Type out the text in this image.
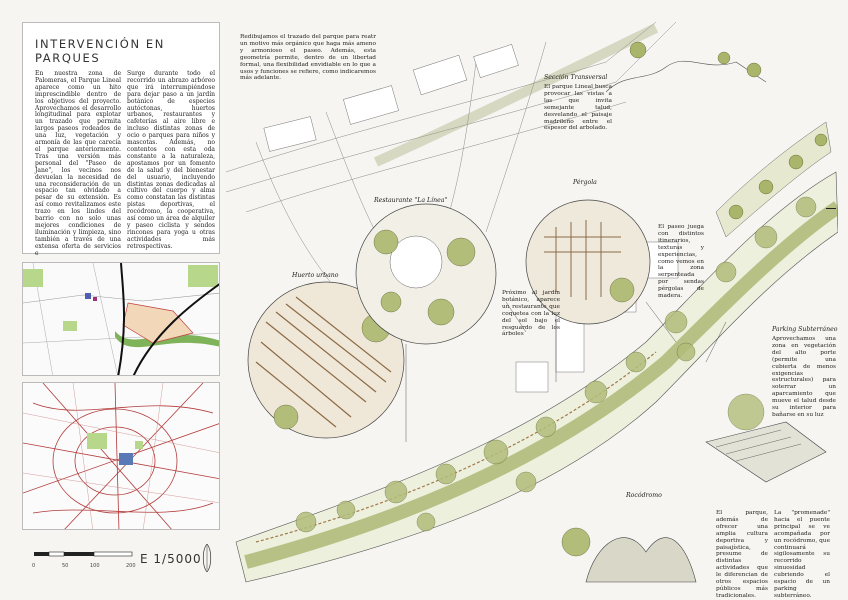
INTERVENCIÓN EN PARQUES
En nuestra zona de Palomeras, el Parque Lineal aparece como un hito imprescindible dentro de los objetivos del proyecto. Aprovechamos el desarrollo longitudinal para explotar un trazado que permita largos paseos rodeados de una luz, vegetación y armonía de las que carecía el parque anteriormente. Tras una versión más personal del "Paseo de Jane", los vecinos nos devuelan la necesidad de una reconsideración de un espacio tan olvidado a pesar de su extensión. Es así como revitalizamos este trazo en los lindes del barrio con no solo unas mejores condiciones de iluminación y limpieza, sino también a través de una extensa oferta de servicios e
Surge durante todo el recorrido un abrazo arbóreo que irá interrumpiéndose para dejar paso a un jardín botánico de especies autóctonas, huertos urbanos, restaurantes y cafeterías al aire libre e incluso distintas zonas de ocio o parques para niños y mascotas. Además, no contentos con esta oda constante a la naturaleza, apostamos por un fomento de la salud y del bienestar del usuario, incluyendo distintas zonas dedicadas al cultivo del cuerpo y alma como constatan las distintas pistas deportivas, el rocódromo, la cooperativa, así como un área de alquiler y paseo ciclista y sendos rincones para yoga u otras actividades más retrospectivas.
0	50	100	200 E 1/5000
Redibujamos el trazado del parque para reatr un motivo más orgánico que haga más ameno y armonioso el paseo. Además, esta geometría permite, dentro de un libertad formal, una flexibilidad envidiable en lo que a usos y funciones se refiere, como indicaremos más adelante.	Sección Transversal
El parque Lineal busca provocar las vistas a las que invita semejante talud, desvelando el paisaje madrileño entre el espesor del arbolado.
Pérgola
El paseo juega con distintos itinerarios, texturas y experiencias, como vemos en la zona serpenteada por sendas pérgolas de madera.
Restaurante "La Línea"
Huerto urbano
Próximo al jardín botánico, aparece un restaurante que coquetea con la luz del sol bajo el resguardo de los árboles
Parking Subterráneo
Aprovechamos una zona en vegetación del alto porte (permite una cubierta de menos exigencias estructurales) para soterrar un aparcamiento que mueve el talud desde su interior para bañarse en su luz
Rocódromo
El parque, además de ofrecer una amplia cultura deportiva y paisajística, presume de distintas actividades que le diferencian de otros espacios públicos más tradicionales.
La "promenade" hacia el puente principal se ve acompañada por un rocódromo, que continuará sigilosamente su recorrido sinuosidad cubriendo el espacio de un parking subterráneo.
